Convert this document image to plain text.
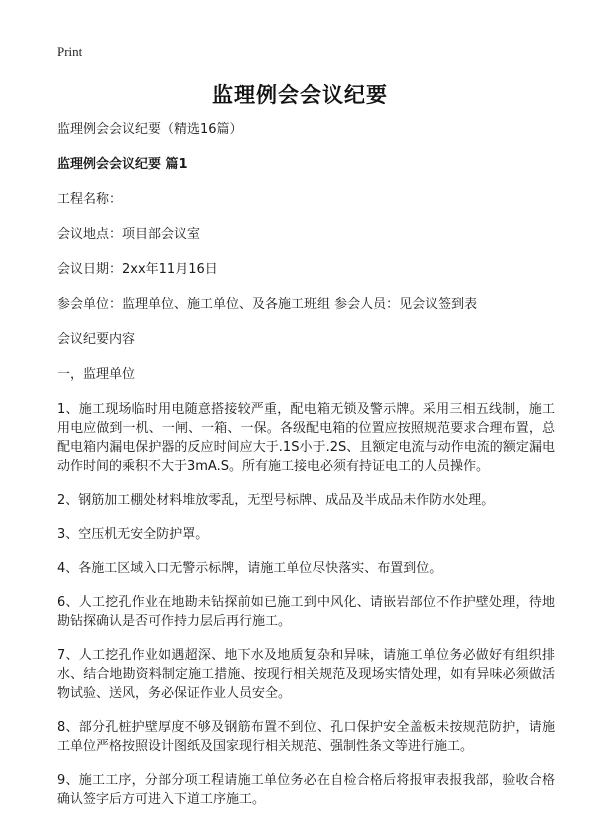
Print
监理例会会议纪要

监理例会会议纪要（精选16篇）

监理例会会议纪要 篇1

工程名称：

会议地点：项目部会议室

会议日期：2xx年11月16日

参会单位：监理单位、施工单位、及各施工班组 参会人员：见会议签到表

会议纪要内容

一，监理单位

1、施工现场临时用电随意搭接较严重，配电箱无锁及警示牌。采用三相五线制，施工用电应做到一机、一闸、一箱、一保。各级配电箱的位置应按照规范要求合理布置，总配电箱内漏电保护器的反应时间应大于.1S小于.2S、且额定电流与动作电流的额定漏电动作时间的乘积不大于3mA.S。所有施工接电必须有持证电工的人员操作。

2、钢筋加工棚处材料堆放零乱，无型号标牌、成品及半成品未作防水处理。

3、空压机无安全防护罩。

4、各施工区域入口无警示标牌，请施工单位尽快落实、布置到位。

6、人工挖孔作业在地勘未钻探前如已施工到中风化、请嵌岩部位不作护壁处理，待地勘钻探确认是否可作持力层后再行施工。

7、人工挖孔作业如遇超深、地下水及地质复杂和异味，请施工单位务必做好有组织排水、结合地勘资料制定施工措施、按现行相关规范及现场实情处理，如有异味必须做活物试验、送风，务必保证作业人员安全。

8、部分孔桩护壁厚度不够及钢筋布置不到位、孔口保护安全盖板未按规范防护，请施工单位严格按照设计图纸及国家现行相关规范、强制性条文等进行施工。

9、施工工序，分部分项工程请施工单位务必在自检合格后将报审表报我部，验收合格确认签字后方可进入下道工序施工。
